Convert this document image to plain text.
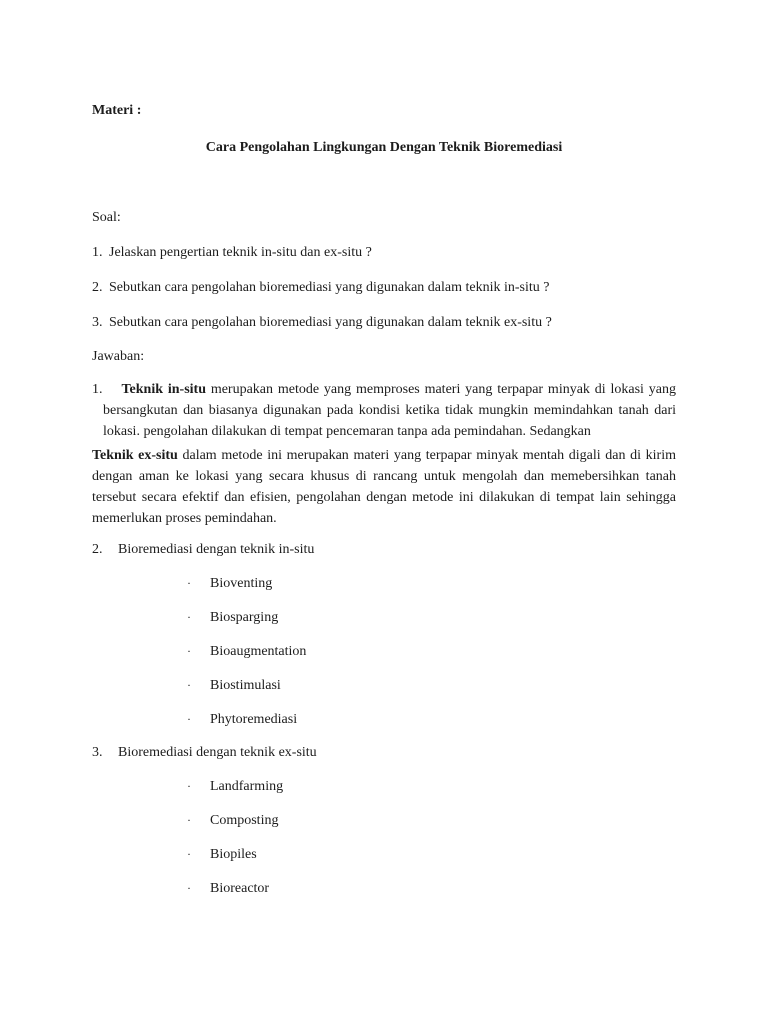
Materi :

Cara Pengolahan Lingkungan Dengan Teknik Bioremediasi

Soal:

1. Jelaskan pengertian teknik in-situ dan ex-situ ?
2. Sebutkan cara pengolahan bioremediasi yang digunakan dalam teknik in-situ ?
3. Sebutkan cara pengolahan bioremediasi yang digunakan dalam teknik ex-situ ?

Jawaban:

1. Teknik in-situ merupakan metode yang memproses materi yang terpapar minyak di lokasi yang bersangkutan dan biasanya digunakan pada kondisi ketika tidak mungkin memindahkan tanah dari lokasi. pengolahan dilakukan di tempat pencemaran tanpa ada pemindahan. Sedangkan

Teknik ex-situ dalam metode ini merupakan materi yang terpapar minyak mentah digali dan di kirim dengan aman ke lokasi yang secara khusus di rancang untuk mengolah dan memebersihkan tanah tersebut secara efektif dan efisien, pengolahan dengan metode ini dilakukan di tempat lain sehingga memerlukan proses pemindahan.

2.	Bioremediasi dengan teknik in-situ
·	Bioventing
·	Biosparging
·	Bioaugmentation
·	Biostimulasi
·	Phytoremediasi
3.	Bioremediasi dengan teknik ex-situ
·	Landfarming
·	Composting
·	Biopiles
·	Bioreactor
